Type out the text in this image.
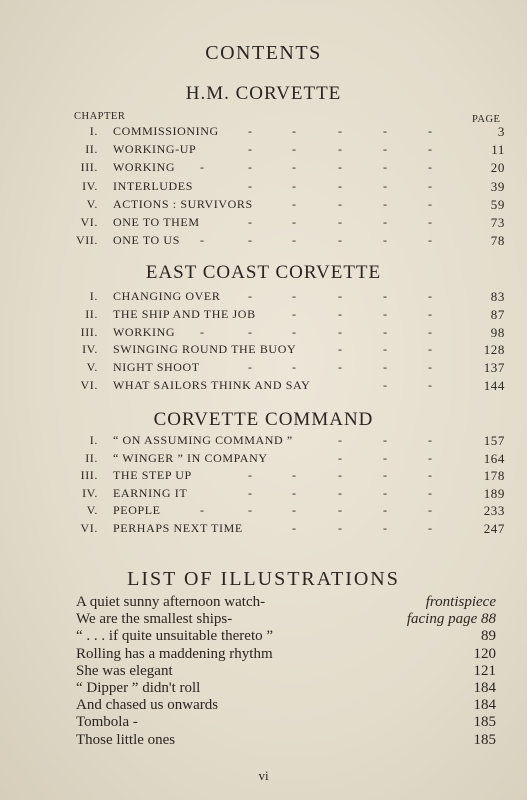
CONTENTS
H.M. CORVETTE
CHAPTER	PAGE
I. COMMISSIONING -	-	-	-	-	3
II. WORKING-UP	-	-	-	-	-	11
III. WORKING -	-	-	-	-	-	20
IV. INTERLUDES	-	-	-	-	-	39
V. ACTIONS : SURVIVORS	-	-	-	-	59
VI. ONE TO THEM	-	-	-	-	-	73
VII. ONE TO US -	-	-	-	-	-	78
EAST COAST CORVETTE
I. CHANGING OVER -	-	-	-	-	83
II. THE SHIP AND THE JOB	-	-	-	-	87
III. WORKING -	-	-	-	-	-	98
IV. SWINGING ROUND THE BUOY	-	-	-	128
V. NIGHT SHOOT	-	-	-	-	-	137
VI. WHAT SAILORS THINK AND SAY	-	-	144
CORVETTE COMMAND
I. “ ON ASSUMING COMMAND ”	-	-	-	157
II. “ WINGER ” IN COMPANY	-	-	-	164
III. THE STEP UP	-	-	-	-	-	178
IV. EARNING IT	-	-	-	-	-	189
V. PEOPLE	-	-	-	-	-	-	233
VI. PERHAPS NEXT TIME	-	-	-	-	247
LIST OF ILLUSTRATIONS
A quiet sunny afternoon watch-	frontispiece
We are the smallest ships-	facing page 88
“ . . . if quite unsuitable thereto ”	89
Rolling has a maddening rhythm	120
She was elegant	121
“ Dipper ” didn't roll	184
And chased us onwards	184
Tombola -	185
Those little ones	185
vi
